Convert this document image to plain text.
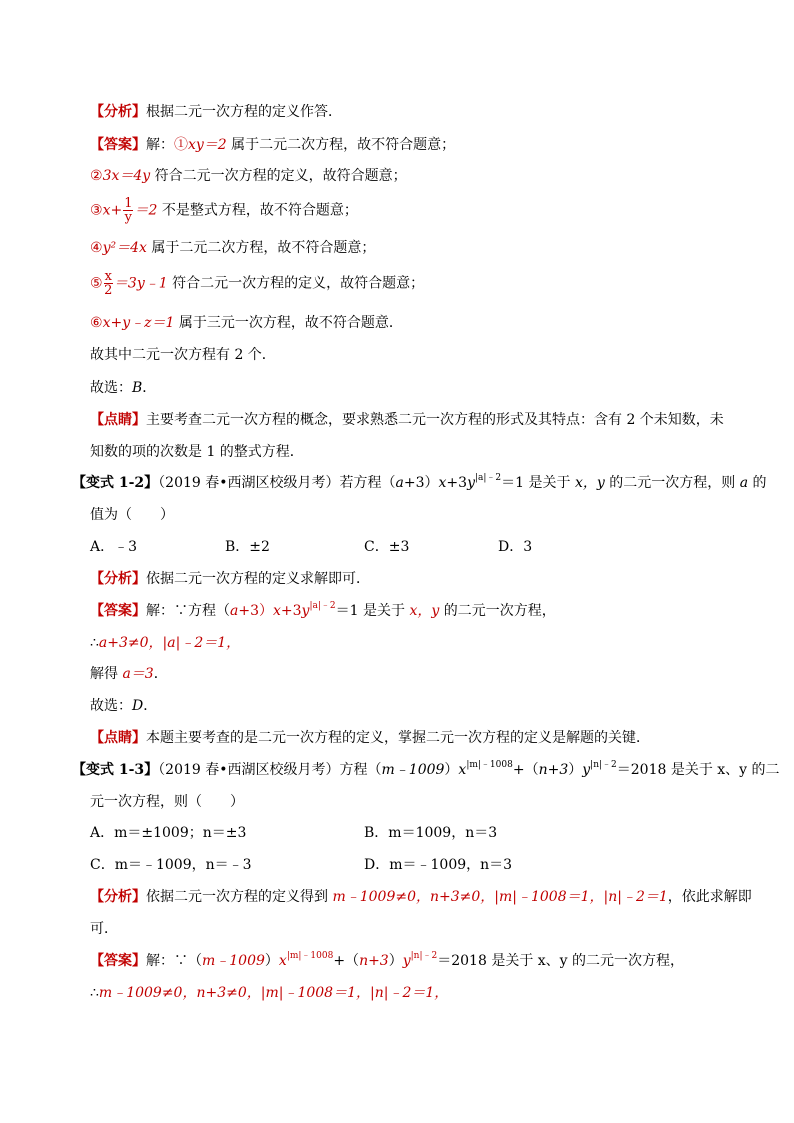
【分析】根据二元一次方程的定义作答．
【答案】解：①xy＝2 属于二元二次方程，故不符合题意；
②3x＝4y 符合二元一次方程的定义，故符合题意；
③x+ $\frac{1}{y} =2$ 不是整式方程，故不符合题意；
④y²＝4x 属于二元二次方程，故不符合题意；
⑤ $\frac{x}{2}$ ＝3y﹣1 符合二元一次方程的定义，故符合题意；
⑥x+y﹣z＝1 属于三元一次方程，故不符合题意．
故其中二元一次方程有 2 个．
故选：B．
【点睛】主要考查二元一次方程的概念，要求熟悉二元一次方程的形式及其特点：含有 2 个未知数，未
知数的项的次数是 1 的整式方程．
【变式 1-2】（2019 春•西湖区校级月考）若方程$(a+3)x+3y^{|a|﹣2}=1$ 是关于 x，y 的二元一次方程，则 a 的
值为（　　）
A．﹣3	B．±2	C．±3	D．3
【分析】依据二元一次方程的定义求解即可．
【答案】解：∵方程$(a+3)x+3y^{|a|﹣2}=1$ 是关于 x，y 的二元一次方程，
∴a+3≠0，|a|﹣2＝1，
解得 a＝3．
故选：D．
【点睛】本题主要考查的是二元一次方程的定义，掌握二元一次方程的定义是解题的关键．
【变式 1-3】（2019 春•西湖区校级月考）方程$(m﹣1009)x^{|m|﹣1008}+(n+3)y^{|n|﹣2}=2018$ 是关于 x、y 的二
元一次方程，则（　　）
A．m＝±1009；n＝±3	B．m＝1009，n＝3
C．m＝﹣1009，n＝﹣3	D．m＝﹣1009，n＝3
【分析】依据二元一次方程的定义得到 m﹣1009≠0，n+3≠0，|m|﹣1008＝1，|n|﹣2＝1，依此求解即
可．
【答案】解：$\because(m﹣1009)x^{|m|﹣1008}+(n+3)y^{|n|﹣2}=2018$ 是关于 x、y 的二元一次方程，
∴m﹣1009≠0，n+3≠0，|m|﹣1008＝1，|n|﹣2＝1，
